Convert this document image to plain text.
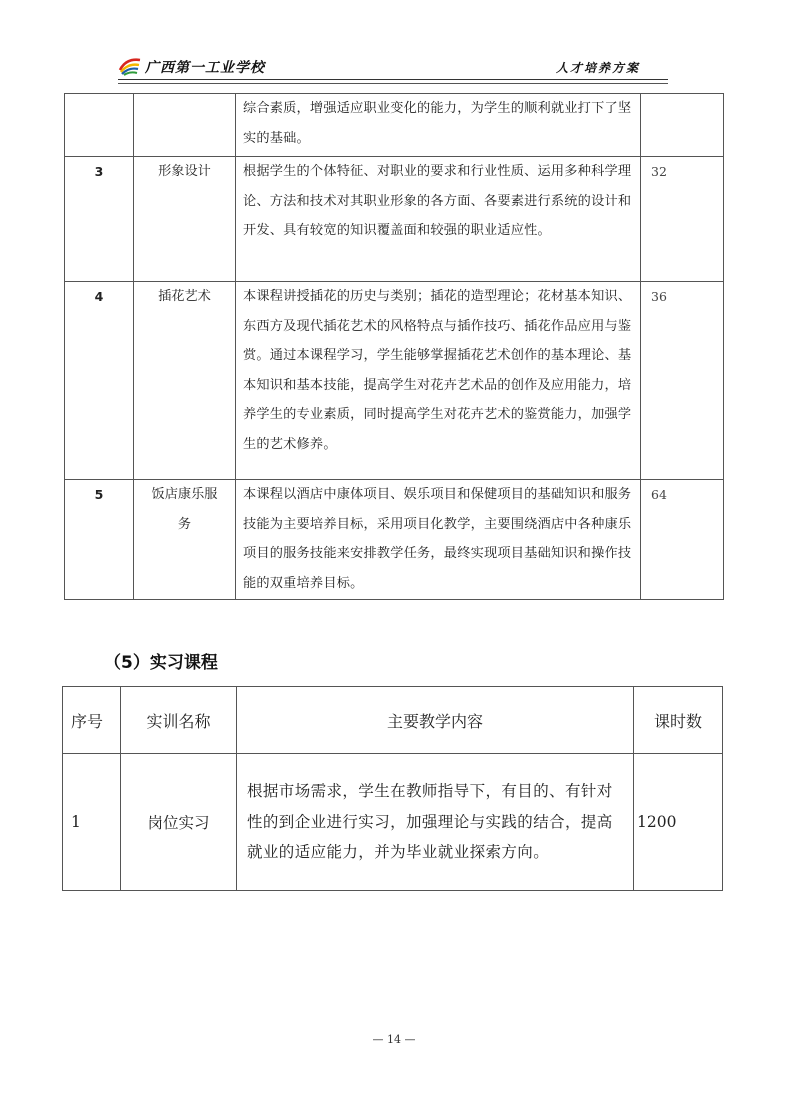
广西第一工业学校	人才培养方案
		综合素质，增强适应职业变化的能力，为学生的顺利就业打下了坚实的基础。	
3	形象设计	根据学生的个体特征、对职业的要求和行业性质、运用多种科学理论、方法和技术对其职业形象的各方面、各要素进行系统的设计和开发、具有较宽的知识覆盖面和较强的职业适应性。	32
4	插花艺术	本课程讲授插花的历史与类别；插花的造型理论；花材基本知识、东西方及现代插花艺术的风格特点与插作技巧、插花作品应用与鉴赏。通过本课程学习，学生能够掌握插花艺术创作的基本理论、基本知识和基本技能，提高学生对花卉艺术品的创作及应用能力，培养学生的专业素质，同时提高学生对花卉艺术的鉴赏能力，加强学生的艺术修养。	36
5	饭店康乐服务	本课程以酒店中康体项目、娱乐项目和保健项目的基础知识和服务技能为主要培养目标，采用项目化教学，主要围绕酒店中各种康乐项目的服务技能来安排教学任务，最终实现项目基础知识和操作技能的双重培养目标。	64
（5）实习课程
序号	实训名称	主要教学内容	课时数
1	岗位实习	根据市场需求，学生在教师指导下，有目的、有针对性的到企业进行实习，加强理论与实践的结合，提高就业的适应能力，并为毕业就业探索方向。	1200
— 14 —
